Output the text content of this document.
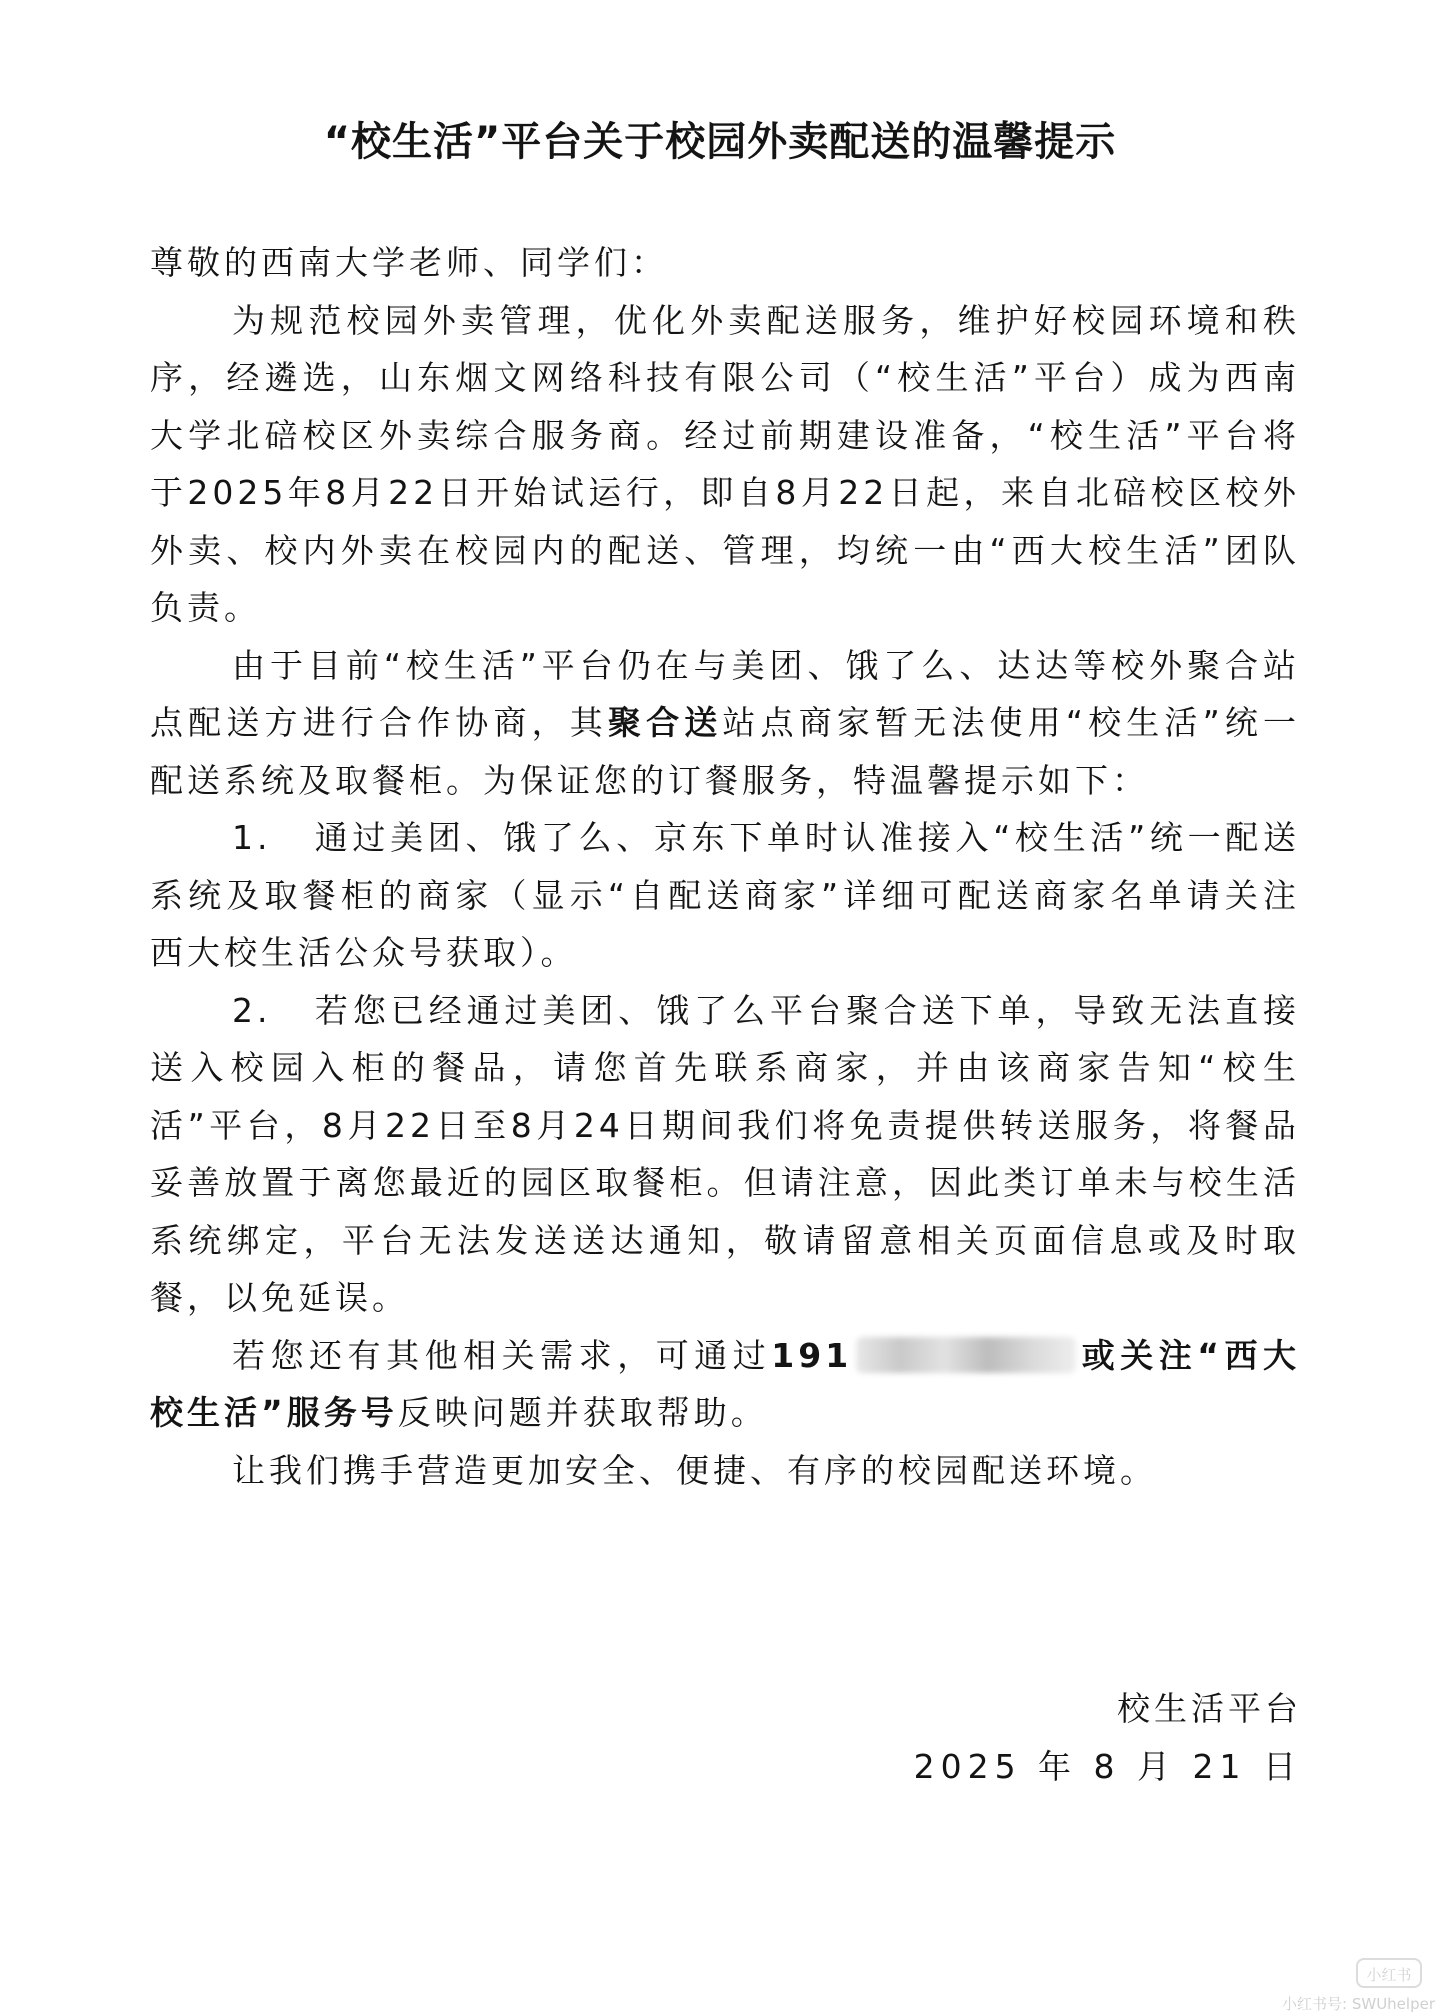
“校生活”平台关于校园外卖配送的温馨提示

尊敬的西南大学老师、同学们：

为规范校园外卖管理，优化外卖配送服务，维护好校园环境和秩序，经遴选，山东烟文网络科技有限公司（“校生活”平台）成为西南大学北碚校区外卖综合服务商。经过前期建设准备，“校生活”平台将于2025年8月22日开始试运行，即自8月22日起，来自北碚校区校外外卖、校内外卖在校园内的配送、管理，均统一由“西大校生活”团队负责。

由于目前“校生活”平台仍在与美团、饿了么、达达等校外聚合站点配送方进行合作协商，其聚合送站点商家暂无法使用“校生活”统一配送系统及取餐柜。为保证您的订餐服务，特温馨提示如下：

1. 通过美团、饿了么、京东下单时认准接入“校生活”统一配送系统及取餐柜的商家（显示“自配送商家”详细可配送商家名单请关注西大校生活公众号获取）。

2. 若您已经通过美团、饿了么平台聚合送下单，导致无法直接送入校园入柜的餐品，请您首先联系商家，并由该商家告知“校生活”平台，8月22日至8月24日期间我们将免责提供转送服务，将餐品妥善放置于离您最近的园区取餐柜。但请注意，因此类订单未与校生活系统绑定，平台无法发送送达通知，敬请留意相关页面信息或及时取餐，以免延误。

若您还有其他相关需求，可通过191	或关注“西大校生活”服务号反映问题并获取帮助。

让我们携手营造更加安全、便捷、有序的校园配送环境。

校生活平台
2025 年 8 月 21 日
小红书
小红书号: SWUhelper
